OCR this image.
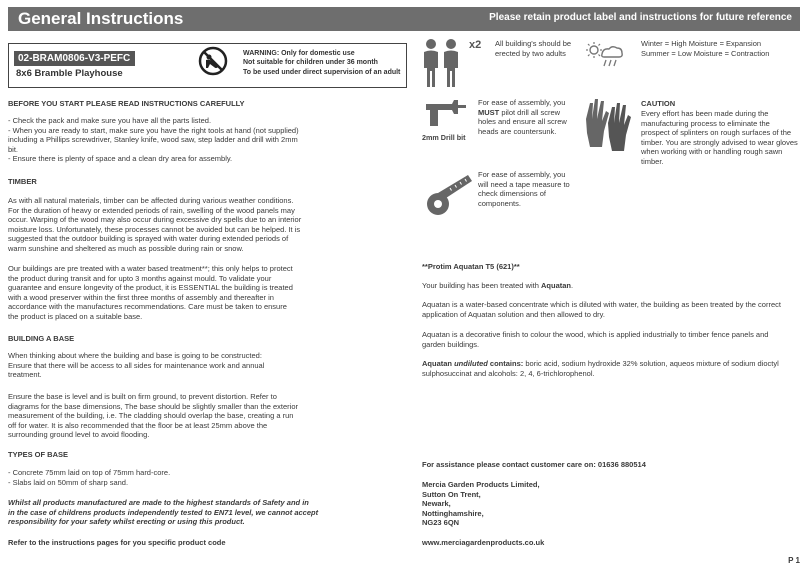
General Instructions	Please retain product label and instructions for future reference
02-BRAM0806-V3-PEFC
8x6 Bramble Playhouse
WARNING: Only for domestic use
Not suitable for children under 36 month
To be used under direct supervision of an adult
BEFORE YOU START PLEASE READ INSTRUCTIONS CAREFULLY
- Check the pack and make sure you have all the parts listed.
- When you are ready to start, make sure you have the right tools at hand (not supplied)
including a Phillips screwdriver, Stanley knife, wood saw, step ladder and drill with 2mm
bit.
- Ensure there is plenty of space and a clean dry area for assembly.
TIMBER
As with all natural materials, timber can be affected during various weather conditions.
For the duration of heavy or extended periods of rain, swelling of the wood panels may
occur. Warping of the wood may also occur during excessive dry spells due to an interior
moisture loss. Unfortunately, these processes cannot be avoided but can be helped. It is
suggested that the outdoor building is sprayed with water during extended periods of
warm sunshine and sheltered as much as possible during rain or snow.
Our buildings are pre treated with a water based treatment**; this only helps to protect
the product during transit and for upto 3 months against mould. To validate your
guarantee and ensure longevity of the product, it is ESSENTIAL the building is treated
with a wood preserver within the first three months of assembly and thereafter in
accordance with the manufactures recommendations. Care must be taken to ensure
the product is placed on a suitable base.
BUILDING A BASE
When thinking about where the building and base is going to be constructed:
Ensure that there will be access to all sides for maintenance work and annual
treatment.
Ensure the base is level and is built on firm ground, to prevent distortion. Refer to
diagrams for the base dimensions, The base should be slightly smaller than the exterior
measurement of the building, i.e. The cladding should overlap the base, creating a run
off for water. It is also recommended that the floor be at least 25mm above the
surrounding ground level to avoid flooding.
TYPES OF BASE
- Concrete 75mm laid on top of 75mm hard-core.
- Slabs laid on 50mm of sharp sand.
Whilst all products manufactured are made to the highest standards of Safety and in
in the case of childrens products independently tested to EN71 level, we cannot accept
responsibility for your safety whilst erecting or using this product.
Refer to the instructions pages for you specific product code
x2 All building's should be
erected by two adults
Winter = High Moisture = Expansion
Summer = Low Moisture = Contraction
2mm Drill bit
For ease of assembly, you
MUST pilot drill all screw
holes and ensure all screw
heads are countersunk.
CAUTION
Every effort has been made during the
manufacturing process to eliminate the
prospect of splinters on rough surfaces of the
timber. You are strongly advised to wear gloves
when working with or handling rough sawn
timber.
For ease of assembly, you
will need a tape measure to
check dimensions of
components.
**Protim Aquatan T5 (621)**
Your building has been treated with Aquatan.
Aquatan is a water-based concentrate which is diluted with water, the building as been treated by the correct
application of Aquatan solution and then allowed to dry.
Aquatan is a decorative finish to colour the wood, which is applied industrially to timber fence panels and
garden buildings.
Aquatan undiluted contains: boric acid, sodium hydroxide 32% solution, aqueos mixture of sodium dioctyl
sulphosuccinat and alcohols: 2, 4, 6-trichlorophenol.
For assistance please contact customer care on: 01636 880514
Mercia Garden Products Limited,
Sutton On Trent,
Newark,
Nottinghamshire,
NG23 6QN
www.merciagardenproducts.co.uk
P 1
